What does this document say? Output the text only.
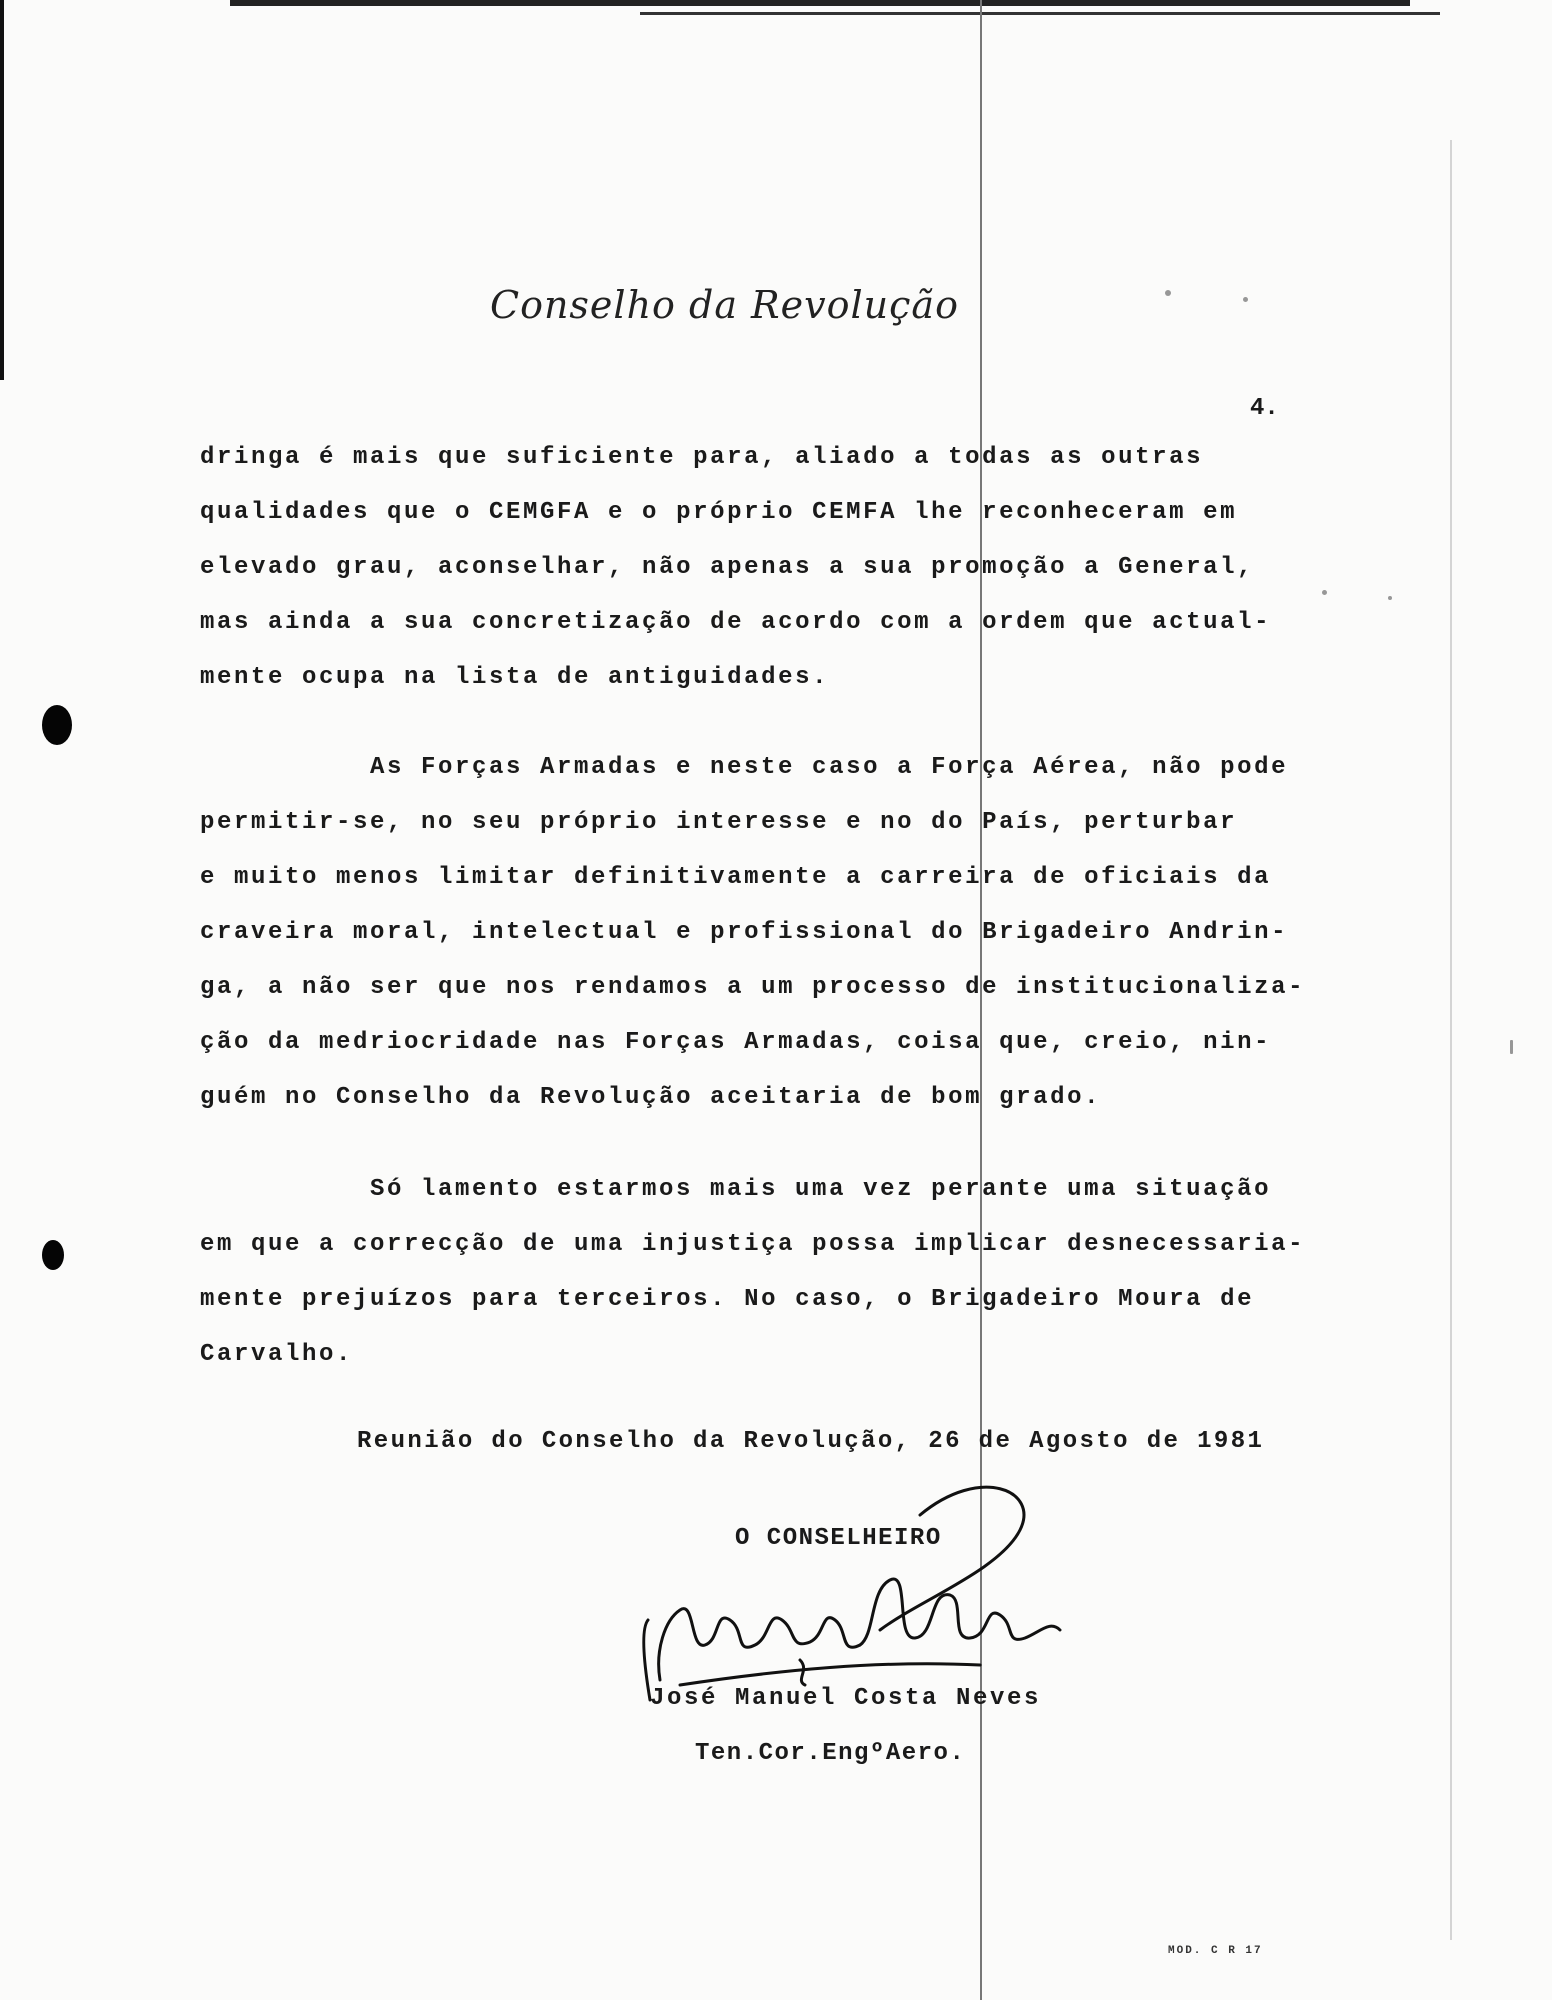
Conselho da Revolução
4.
dringa é mais que suficiente para, aliado a todas as outras
qualidades que o CEMGFA e o próprio CEMFA lhe reconheceram em
elevado grau, aconselhar, não apenas a sua promoção a General,
mas ainda a sua concretização de acordo com a ordem que actual-
mente ocupa na lista de antiguidades.
As Forças Armadas e neste caso a Força Aérea, não pode
permitir-se, no seu próprio interesse e no do País, perturbar
e muito menos limitar definitivamente a carreira de oficiais da
craveira moral, intelectual e profissional do Brigadeiro Andrin-
ga, a não ser que nos rendamos a um processo de institucionaliza-
ção da medriocridade nas Forças Armadas, coisa que, creio, nin-
guém no Conselho da Revolução aceitaria de bom grado.
Só lamento estarmos mais uma vez perante uma situação
em que a correcção de uma injustiça possa implicar desnecessaria-
mente prejuízos para terceiros. No caso, o Brigadeiro Moura de
Carvalho.
Reunião do Conselho da Revolução, 26 de Agosto de 1981
O CONSELHEIRO
José Manuel Costa Neves
Ten.Cor.EngºAero.
MOD. C R 17
